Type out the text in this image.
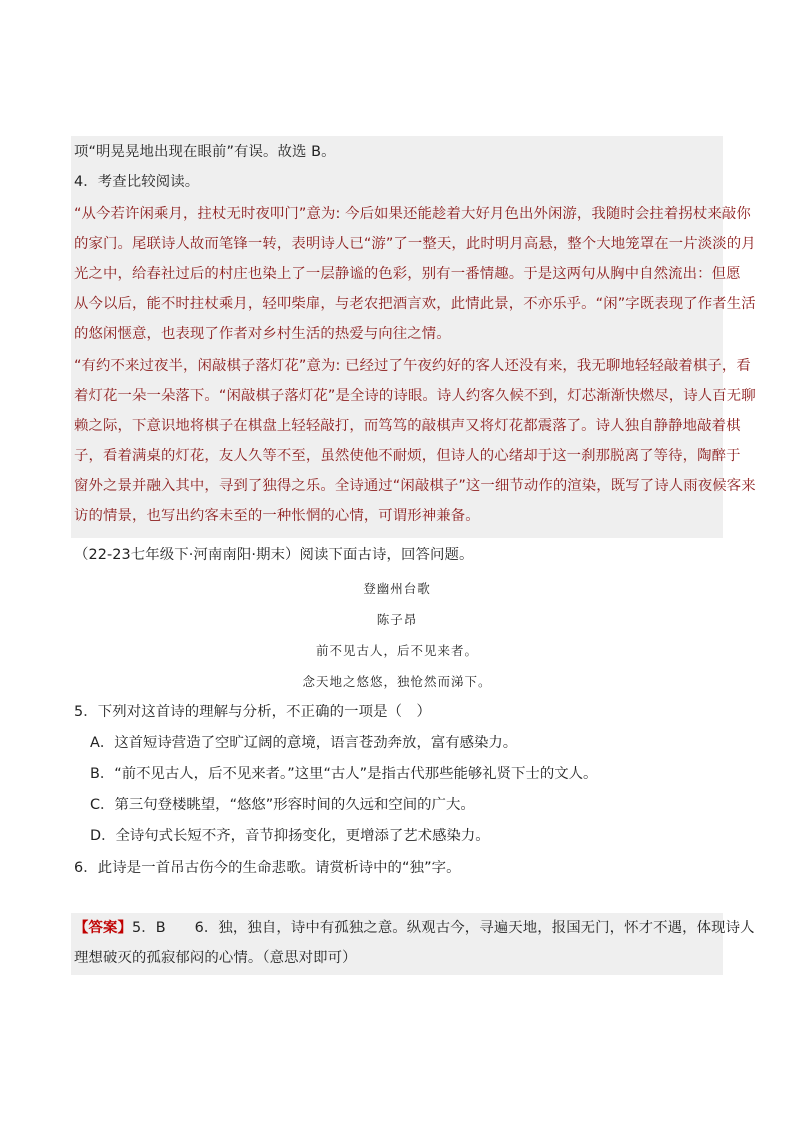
项“明晃晃地出现在眼前”有误。故选 B。
4．考查比较阅读。
“从今若许闲乘月，拄杖无时夜叩门”意为: 今后如果还能趁着大好月色出外闲游，我随时会拄着拐杖来敲你
的家门。尾联诗人故而笔锋一转，表明诗人已“游”了一整天，此时明月高悬，整个大地笼罩在一片淡淡的月
光之中，给春社过后的村庄也染上了一层静谧的色彩，别有一番情趣。于是这两句从胸中自然流出：但愿
从今以后，能不时拄杖乘月，轻叩柴扉，与老农把酒言欢，此情此景，不亦乐乎。“闲”字既表现了作者生活
的悠闲惬意，也表现了作者对乡村生活的热爱与向往之情。
“有约不来过夜半，闲敲棋子落灯花”意为: 已经过了午夜约好的客人还没有来，我无聊地轻轻敲着棋子，看
着灯花一朵一朵落下。“闲敲棋子落灯花”是全诗的诗眼。诗人约客久候不到，灯芯渐渐快燃尽，诗人百无聊
赖之际，下意识地将棋子在棋盘上轻轻敲打，而笃笃的敲棋声又将灯花都震落了。诗人独自静静地敲着棋
子，看着满桌的灯花，友人久等不至，虽然使他不耐烦，但诗人的心绪却于这一刹那脱离了等待，陶醉于
窗外之景并融入其中，寻到了独得之乐。全诗通过“闲敲棋子”这一细节动作的渲染，既写了诗人雨夜候客来
访的情景，也写出约客未至的一种怅惘的心情，可谓形神兼备。
（22-23七年级下·河南南阳·期末）阅读下面古诗，回答问题。
登幽州台歌
陈子昂
前不见古人，后不见来者。
念天地之悠悠，独怆然而涕下。
5．下列对这首诗的理解与分析，不正确的一项是（　）
A．这首短诗营造了空旷辽阔的意境，语言苍劲奔放，富有感染力。
B．“前不见古人，后不见来者。”这里“古人”是指古代那些能够礼贤下士的文人。
C．第三句登楼眺望，“悠悠”形容时间的久远和空间的广大。
D．全诗句式长短不齐，音节抑扬变化，更增添了艺术感染力。
6．此诗是一首吊古伤今的生命悲歌。请赏析诗中的“独”字。
【答案】5．B　　6．独，独自，诗中有孤独之意。纵观古今，寻遍天地，报国无门，怀才不遇，体现诗人
理想破灭的孤寂郁闷的心情。（意思对即可）
